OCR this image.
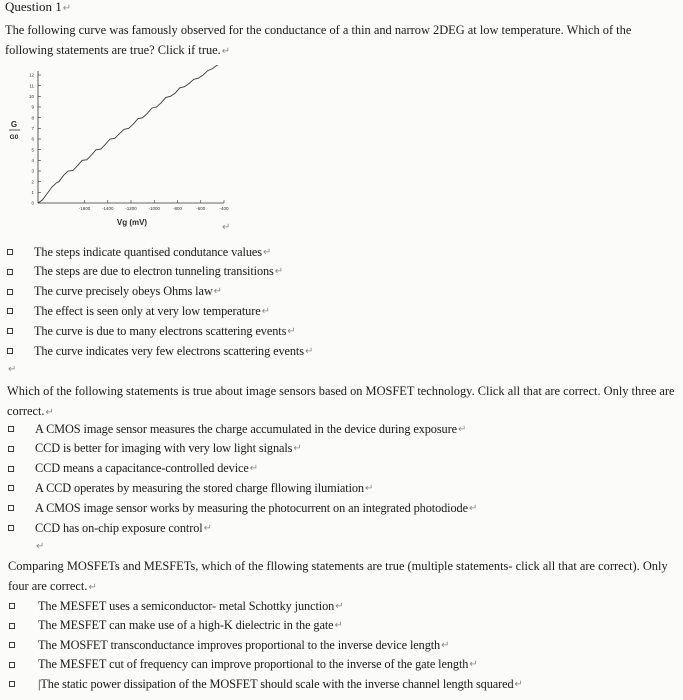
Question 1↵
The following curve was famously observed for the conductance of a thin and narrow 2DEG at low temperature. Which of the following statements are true? Click if true.↵
0
1
2
3
4
5
6
7
8
9
10
11
12
-1600	-1400	-1200	-1000	-800	-600	-400
G
G0
Vg (mV)	↵
The steps indicate quantised condutance values ↵
The steps are due to electron tunneling transitions ↵
The curve precisely obeys Ohms law ↵
The effect is seen only at very low temperature ↵
The curve is due to many electrons scattering events ↵
The curve indicates very few electrons scattering events ↵
↵
Which of the following statements is true about image sensors based on MOSFET technology. Click all that are correct. Only three are correct.↵
A CMOS image sensor measures the charge accumulated in the device during exposure ↵
CCD is better for imaging with very low light signals ↵
CCD means a capacitance-controlled device ↵
A CCD operates by measuring the stored charge fllowing ilumiation ↵
A CMOS image sensor works by measuring the photocurrent on an integrated photodiode ↵
CCD has on-chip exposure control ↵
↵
Comparing MOSFETs and MESFETs, which of the fllowing statements are true (multiple statements- click all that are correct). Only four are correct.↵
The MESFET uses a semiconductor- metal Schottky junction ↵
The MESFET can make use of a high-K dielectric in the gate ↵
The MOSFET transconductance improves proportional to the inverse device length ↵
The MESFET cut of frequency can improve proportional to the inverse of the gate length ↵
|The static power dissipation of the MOSFET should scale with the inverse channel length squared ↵
